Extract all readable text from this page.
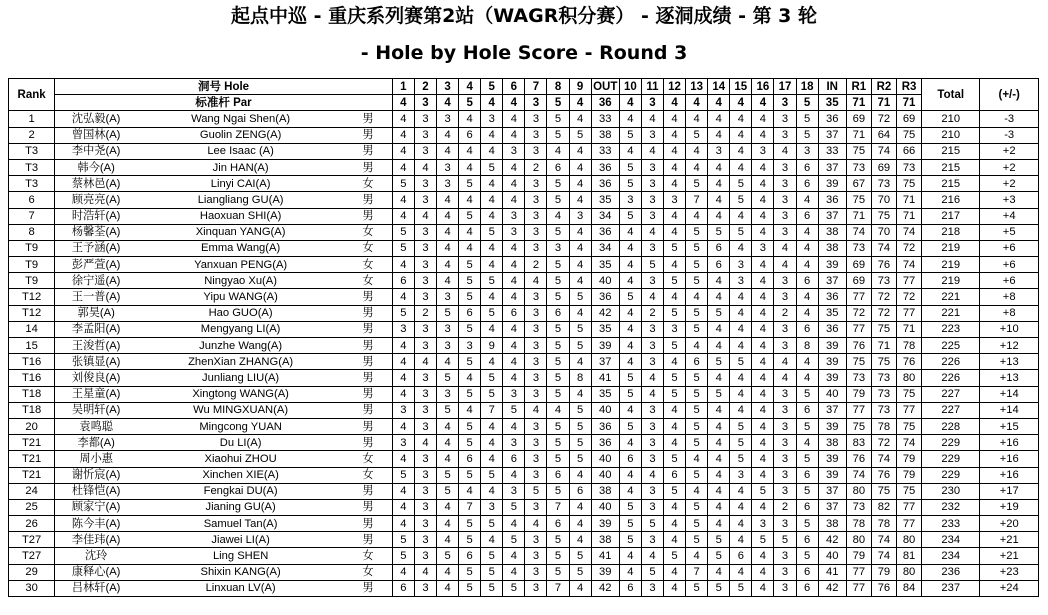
起点中巡 - 重庆系列赛第2站（WAGR积分赛） - 逐洞成绩 - 第 3 轮
- Hole by Hole Score - Round 3
Rank	洞号 Hole			1	2	3	4	5	6	7	8	9	OUT	10	11	12	13	14	15	16	17	18	IN	R1	R2	R3	Total	(+/-)
	标准杆 Par			4	3	4	5	4	4	3	5	4	36	4	3	4	4	4	4	4	3	5	35	71	71	71		
1	沈弘毅(A)	Wang Ngai Shen(A)	男	4	3	3	4	3	4	3	5	4	33	4	4	4	4	4	4	4	3	5	36	69	72	69	210	-3
2	曾国林(A)	Guolin ZENG(A)	男	4	3	4	6	4	4	3	5	5	38	5	3	4	5	4	4	4	3	5	37	71	64	75	210	-3
T3	李中尧(A)	Lee Isaac (A)	男	4	3	4	4	4	3	3	4	4	33	4	4	4	4	3	4	3	4	3	33	75	74	66	215	+2
T3	韩今(A)	Jin HAN(A)	男	4	4	3	4	5	4	2	6	4	36	5	3	4	4	4	4	4	3	6	37	73	69	73	215	+2
T3	蔡林邑(A)	Linyi CAI(A)	女	5	3	3	5	4	4	3	5	4	36	5	3	4	5	4	5	4	3	6	39	67	73	75	215	+2
6	顾亮亮(A)	Liangliang GU(A)	男	4	3	4	4	4	4	3	5	4	35	3	3	3	7	4	5	4	3	4	36	75	70	71	216	+3
7	时浩轩(A)	Haoxuan SHI(A)	男	4	4	4	5	4	3	3	4	3	34	5	3	4	4	4	4	4	3	6	37	71	75	71	217	+4
8	杨馨荃(A)	Xinquan YANG(A)	女	5	3	4	4	5	3	3	5	4	36	4	4	4	5	5	5	4	3	4	38	74	70	74	218	+5
T9	王予涵(A)	Emma Wang(A)	女	5	3	4	4	4	4	3	3	4	34	4	3	5	5	6	4	3	4	4	38	73	74	72	219	+6
T9	彭严萱(A)	Yanxuan PENG(A)	女	4	3	4	5	4	4	2	5	4	35	4	5	4	5	6	3	4	4	4	39	69	76	74	219	+6
T9	徐宁遥(A)	Ningyao Xu(A)	女	6	3	4	5	5	4	4	5	4	40	4	3	5	5	4	3	4	3	6	37	69	73	77	219	+6
T12	王一普(A)	Yipu WANG(A)	男	4	3	3	5	4	4	3	5	5	36	5	4	4	4	4	4	4	3	4	36	77	72	72	221	+8
T12	郭昊(A)	Hao GUO(A)	男	5	2	5	6	5	6	3	6	4	42	4	2	5	5	5	4	4	2	4	35	72	72	77	221	+8
14	李孟阳(A)	Mengyang LI(A)	男	3	3	3	5	4	4	3	5	5	35	4	3	3	5	4	4	4	3	6	36	77	75	71	223	+10
15	王浚哲(A)	Junzhe Wang(A)	男	4	3	3	3	9	4	3	5	5	39	4	3	5	4	4	4	4	3	8	39	76	71	78	225	+12
T16	张镇显(A)	ZhenXian ZHANG(A)	男	4	4	4	5	4	4	3	5	4	37	4	3	4	6	5	5	4	4	4	39	75	75	76	226	+13
T16	刘俊良(A)	Junliang LIU(A)	男	4	3	5	4	5	4	3	5	8	41	5	4	5	5	4	4	4	4	4	39	73	73	80	226	+13
T18	王星童(A)	Xingtong WANG(A)	男	4	3	3	5	5	3	3	5	4	35	5	4	5	5	5	4	4	3	5	40	79	73	75	227	+14
T18	吴明轩(A)	Wu MINGXUAN(A)	男	3	3	5	4	7	5	4	4	5	40	4	3	4	5	4	4	4	3	6	37	77	73	77	227	+14
20	袁鸣聪	Mingcong YUAN	男	4	3	4	5	4	4	3	5	5	36	5	3	4	5	4	5	4	3	5	39	75	78	75	228	+15
T21	李都(A)	Du LI(A)	男	3	4	4	5	4	3	3	5	5	36	4	3	4	5	4	5	4	3	4	38	83	72	74	229	+16
T21	周小惠	Xiaohui ZHOU	女	4	3	4	6	4	6	3	5	5	40	6	3	5	4	4	5	4	3	5	39	76	74	79	229	+16
T21	谢忻宸(A)	Xinchen XIE(A)	女	5	3	5	5	5	4	3	6	4	40	4	4	6	5	4	3	4	3	6	39	74	76	79	229	+16
24	杜锋恺(A)	Fengkai DU(A)	男	4	3	5	4	4	3	5	5	6	38	4	3	5	4	4	4	5	3	5	37	80	75	75	230	+17
25	顾家宁(A)	Jianing GU(A)	男	4	3	4	7	3	5	3	7	4	40	5	3	4	5	4	4	4	2	6	37	73	82	77	232	+19
26	陈今丰(A)	Samuel Tan(A)	男	4	3	4	5	5	4	4	6	4	39	5	5	4	5	4	4	3	3	5	38	78	78	77	233	+20
T27	李佳玮(A)	Jiawei LI(A)	男	5	3	4	5	4	5	3	5	4	38	5	3	4	5	5	4	5	5	6	42	80	74	80	234	+21
T27	沈玲	Ling SHEN	女	5	3	5	6	5	4	3	5	5	41	4	4	5	4	5	6	4	3	5	40	79	74	81	234	+21
29	康释心(A)	Shixin KANG(A)	女	4	4	4	5	5	4	3	5	5	39	4	5	4	7	4	4	4	3	6	41	77	79	80	236	+23
30	吕林轩(A)	Linxuan LV(A)	男	6	3	4	5	5	5	3	7	4	42	6	3	4	5	5	5	4	3	6	42	77	76	84	237	+24
